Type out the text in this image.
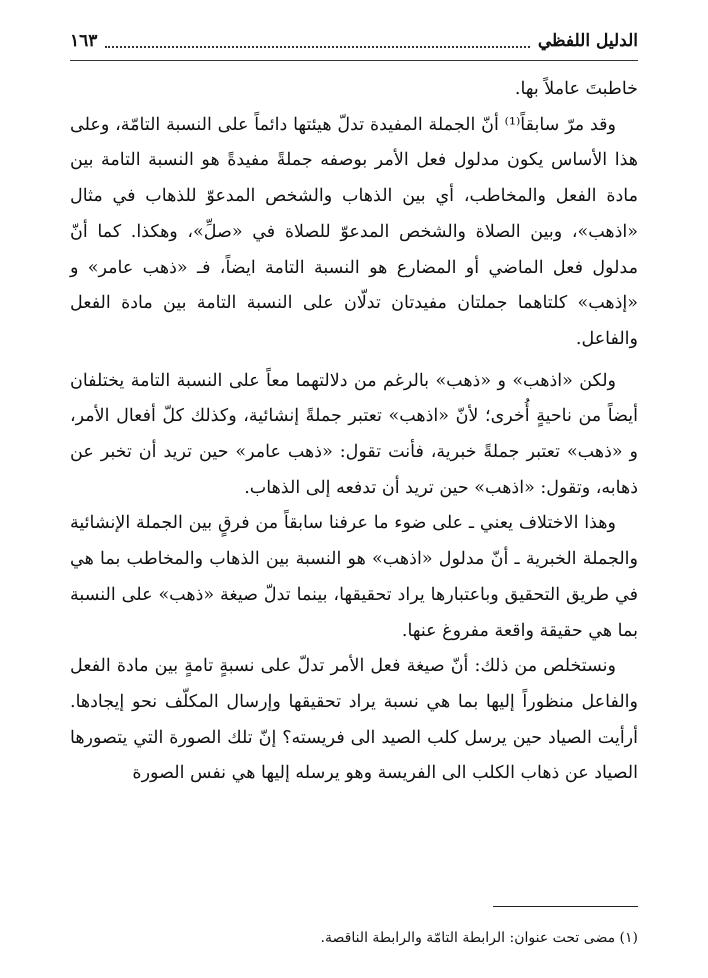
الدليل اللفظي
١٦٣

خاطبتَ عاملاً بها.

وقد مرّ سابقاً⁽¹⁾ أنّ الجملة المفيدة تدلّ هيئتها دائماً على النسبة التامّة، وعلى هذا الأساس يكون مدلول فعل الأمر بوصفه جملةً مفيدةً هو النسبة التامة بين مادة الفعل والمخاطب، أي بين الذهاب والشخص المدعوّ للذهاب في مثال «اذهب»، وبين الصلاة والشخص المدعوّ للصلاة في «صلِّ»، وهكذا. كما أنّ مدلول فعل الماضي أو المضارع هو النسبة التامة ايضاً، فـ «ذهب عامر» و «إذهب» كلتاهما جملتان مفيدتان تدلّان على النسبة التامة بين مادة الفعل والفاعل.

ولكن «اذهب» و «ذهب» بالرغم من دلالتهما معاً على النسبة التامة يختلفان أيضاً من ناحيةٍ أُخرى؛ لأنّ «اذهب» تعتبر جملةً إنشائية، وكذلك كلّ أفعال الأمر، و «ذهب» تعتبر جملةً خبرية، فأنت تقول: «ذهب عامر» حين تريد أن تخبر عن ذهابه، وتقول: «اذهب» حين تريد أن تدفعه إلى الذهاب.

وهذا الاختلاف يعني ـ على ضوء ما عرفنا سابقاً من فرقٍ بين الجملة الإنشائية والجملة الخبرية ـ أنّ مدلول «اذهب» هو النسبة بين الذهاب والمخاطب بما هي في طريق التحقيق وباعتبارها يراد تحقيقها، بينما تدلّ صيغة «ذهب» على النسبة بما هي حقيقة واقعة مفروغ عنها.

ونستخلص من ذلك: أنّ صيغة فعل الأمر تدلّ على نسبةٍ تامةٍ بين مادة الفعل والفاعل منظوراً إليها بما هي نسبة يراد تحقيقها وإرسال المكلّف نحو إيجادها. أرأيت الصياد حين يرسل كلب الصيد الى فريسته؟ إنّ تلك الصورة التي يتصورها الصياد عن ذهاب الكلب الى الفريسة وهو يرسله إليها هي نفس الصورة

(١) مضى تحت عنوان: الرابطة التامّة والرابطة الناقصة.
